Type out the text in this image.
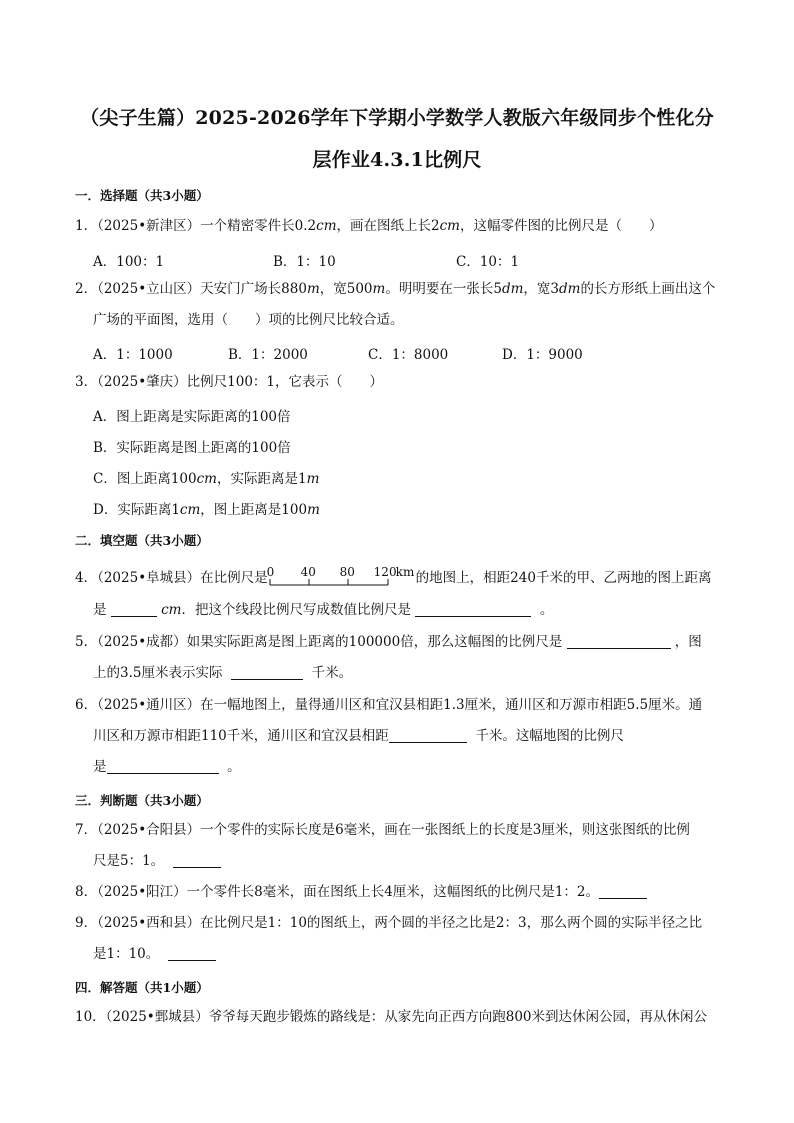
（尖子生篇）2025-2026学年下学期小学数学人教版六年级同步个性化分
层作业4.3.1比例尺
一．选择题（共3小题）
1．（2025•新津区）一个精密零件长0.2cm，画在图纸上长2cm，这幅零件图的比例尺是（　　）
A．100：1	B．1：10	C．10：1
2．（2025•立山区）天安门广场长880m，宽500m。明明要在一张长5dm，宽3dm的长方形纸上画出这个
广场的平面图，选用（　　）项的比例尺比较合适。
A．1：1000	B．1：2000	C．1：8000	D．1：9000
3．（2025•肇庆）比例尺100：1，它表示（　　）
A．图上距离是实际距离的100倍
B．实际距离是图上距离的100倍
C．图上距离100cm，实际距离是1m
D．实际距离1cm，图上距离是100m
二．填空题（共3小题）
4．（2025•阜城县）在比例尺是 0 40 80 120 km 的地图上，相距240千米的甲、乙两地的图上距离
是	cm．把这个线段比例尺写成数值比例尺是	。
5．（2025•成都）如果实际距离是图上距离的100000倍，那么这幅图的比例尺是	，图
上的3.5厘米表示实际	千米。
6．（2025•通川区）在一幅地图上，量得通川区和宜汉县相距1.3厘米，通川区和万源市相距5.5厘米。通
川区和万源市相距110千米，通川区和宜汉县相距	千米。这幅地图的比例尺
是	。
三．判断题（共3小题）
7．（2025•合阳县）一个零件的实际长度是6毫米，画在一张图纸上的长度是3厘米，则这张图纸的比例
尺是5：1。
8．（2025•阳江）一个零件长8毫米，面在图纸上长4厘米，这幅图纸的比例尺是1：2。
9．（2025•西和县）在比例尺是1：10的图纸上，两个圆的半径之比是2：3，那么两个圆的实际半径之比
是1：10。
四．解答题（共1小题）
10．（2025•鄄城县）爷爷每天跑步锻炼的路线是：从家先向正西方向跑800米到达休闲公园，再从休闲公
